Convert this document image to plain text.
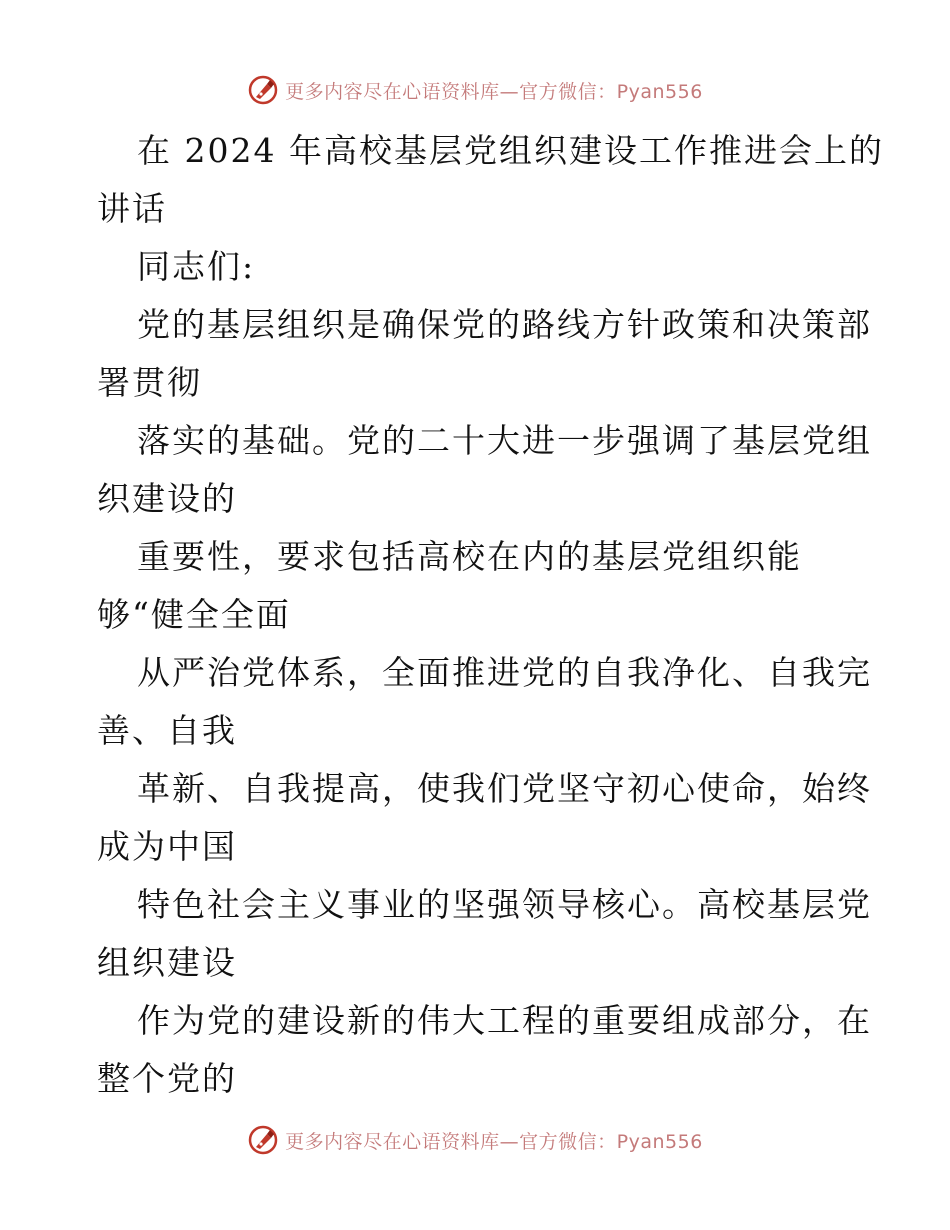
更多内容尽在心语资料库—官方微信：Pyan556
在 2024 年高校基层党组织建设工作推进会上的
讲话
同志们:
党的基层组织是确保党的路线方针政策和决策部
署贯彻
落实的基础。党的二十大进一步强调了基层党组
织建设的
重要性，要求包括高校在内的基层党组织能
够“健全全面
从严治党体系，全面推进党的自我净化、自我完
善、自我
革新、自我提高，使我们党坚守初心使命，始终
成为中国
特色社会主义事业的坚强领导核心。高校基层党
组织建设
作为党的建设新的伟大工程的重要组成部分，在
整个党的
更多内容尽在心语资料库—官方微信：Pyan556
